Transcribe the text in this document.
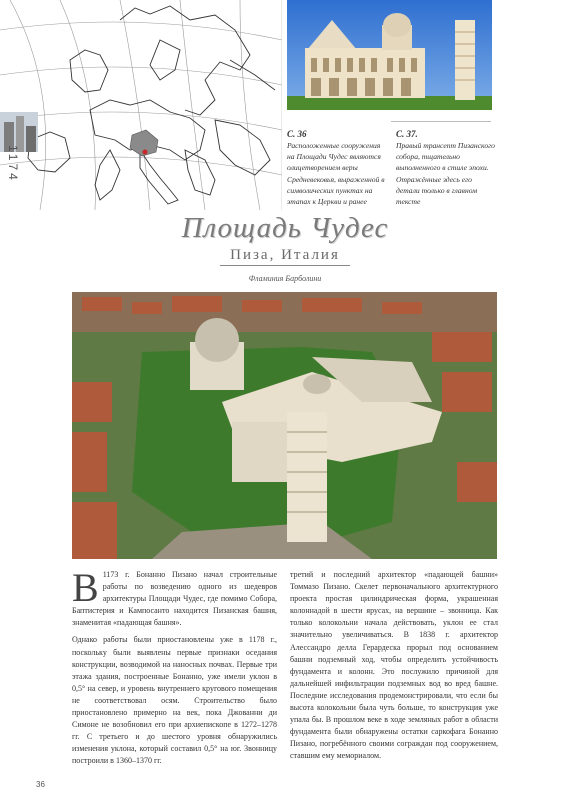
1174
С. 36
Расположенные сооружения на Площади Чудес являются олицетворением веры Средневековья, выраженной в символических пунктах на этапах к Церкви и ранее
С. 37.
Правый трансепт Пизанского собора, тщательно выполненного в стиле эпохи. Отражённые здесь его детали только в главном тексте
Площадь Чудес
Пиза, Италия
Фламиния Барболини
В 1173 г. Бонанно Пизано начал строительные работы по возведению одного из шедевров архитектуры Площади Чудес, где помимо Собора, Баптистерия и Кампосанто находится Пизанская башня, знаменитая «падающая башня».
Однако работы были приостановлены уже в 1178 г., поскольку были выявлены первые признаки оседания конструкции, возводимой на наносных почвах. Первые три этажа здания, построенные Бонанно, уже имели уклон в 0,5° на север, и уровень внутреннего кругового помещения не соответствовал осям. Строительство было приостановлено примерно на век, пока Джованни ди Симоне не возобновил его при архиепископе в 1272–1278 гг. С третьего и до шестого уровня обнаружились изменения уклона, который составил 0,5° на юг. Звонницу построили в 1360–1370 гг.
третий и последний архитектор «падающей башни» Томмазо Пизано. Скелет первоначального архитектурного проекта простая цилиндрическая форма, украшенная колоннадой в шести ярусах, на вершине – звонница. Как только колокольни начала действовать, уклон ее стал значительно увеличиваться. В 1838 г. архитектор Алессандро делла Герардеска прорыл под основанием башни подземный ход, чтобы определить устойчивость фундамента и колонн. Это послужило причиной для дальнейшей инфильтрации подземных вод во вред башне. Последние исследования продемонстрировали, что если бы высота колокольни была чуть больше, то конструкция уже упала бы. В прошлом веке в ходе земляных работ в области фундамента были обнаружены остатки саркофага Бонанно Пизано, погребённого своими сограждан под сооружением, ставшим ему мемориалом.
36
